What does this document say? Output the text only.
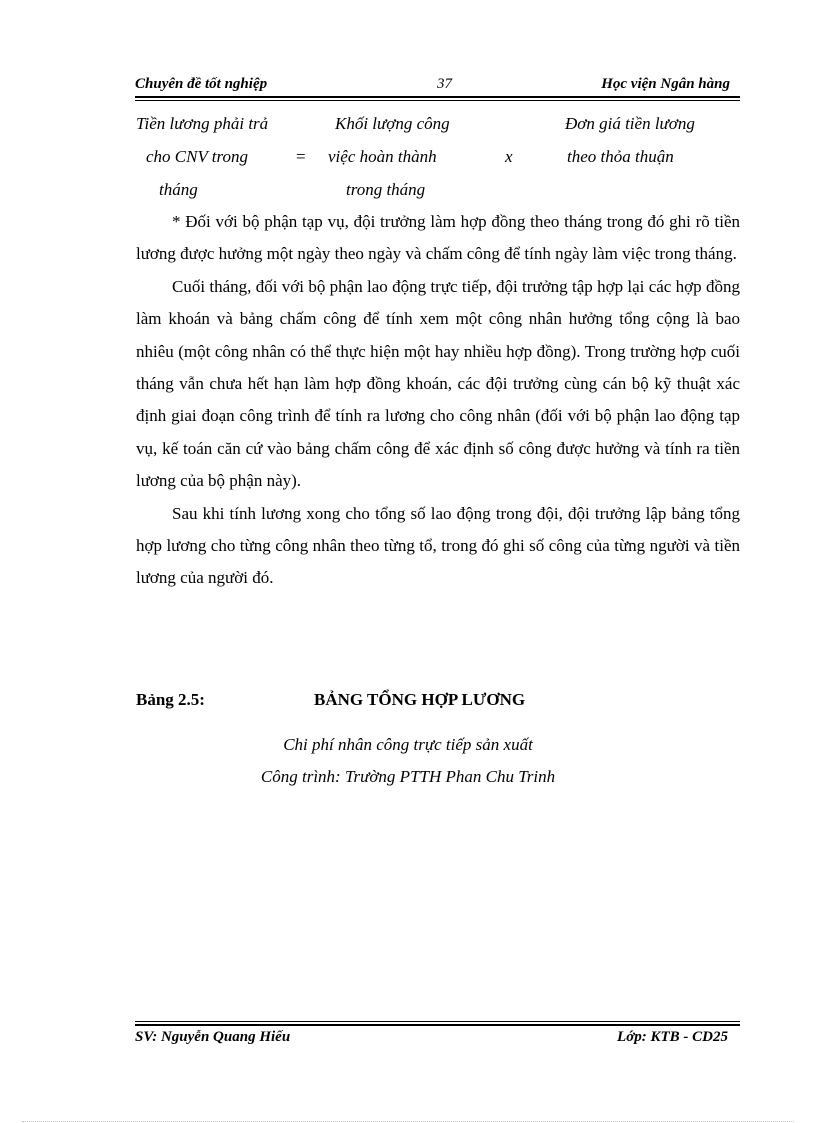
Chuyên đề tốt nghiệp	37	Học viện Ngân hàng
Tiền lương phải trả
cho CNV trong
tháng
=
Khối lượng công
việc hoàn thành
trong tháng
x
Đơn giá tiền lương
theo thỏa thuận

* Đối với bộ phận tạp vụ, đội trưởng làm hợp đồng theo tháng trong đó ghi rõ tiền lương được hưởng một ngày theo ngày và chấm công để tính ngày làm việc trong tháng.

Cuối tháng, đối với bộ phận lao động trực tiếp, đội trưởng tập hợp lại các hợp đồng làm khoán và bảng chấm công để tính xem một công nhân hưởng tổng cộng là bao nhiêu (một công nhân có thể thực hiện một hay nhiều hợp đồng). Trong trường hợp cuối tháng vẫn chưa hết hạn làm hợp đồng khoán, các đội trưởng cùng cán bộ kỹ thuật xác định giai đoạn công trình để tính ra lương cho công nhân (đối với bộ phận lao động tạp vụ, kế toán căn cứ vào bảng chấm công để xác định số công được hưởng và tính ra tiền lương của bộ phận này).

Sau khi tính lương xong cho tổng số lao động trong đội, đội trưởng lập bảng tổng hợp lương cho từng công nhân theo từng tổ, trong đó ghi số công của từng người và tiền lương của người đó.

Bảng 2.5:	BẢNG TỔNG HỢP LƯƠNG
Chi phí nhân công trực tiếp sản xuất
Công trình: Trường PTTH Phan Chu Trinh
SV: Nguyễn Quang Hiếu	Lớp: KTB - CD25
